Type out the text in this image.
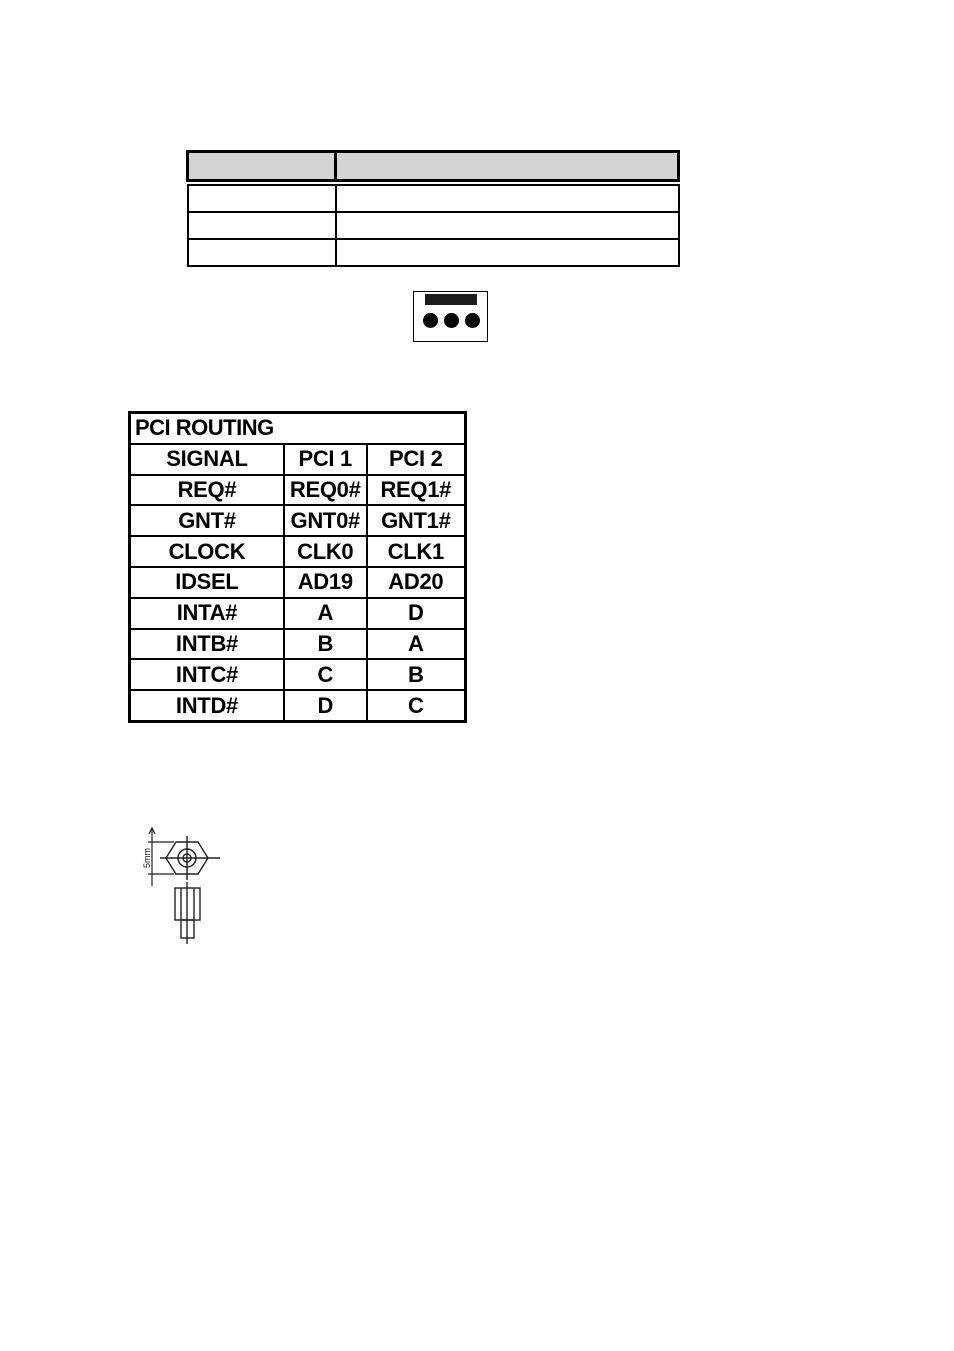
PCI ROUTING		
SIGNAL	PCI 1	PCI 2
REQ#	REQ0#	REQ1#
GNT#	GNT0#	GNT1#
CLOCK	CLK0	CLK1
IDSEL	AD19	AD20
INTA#	A	D
INTB#	B	A
INTC#	C	B
INTD#	D	C
5mm
